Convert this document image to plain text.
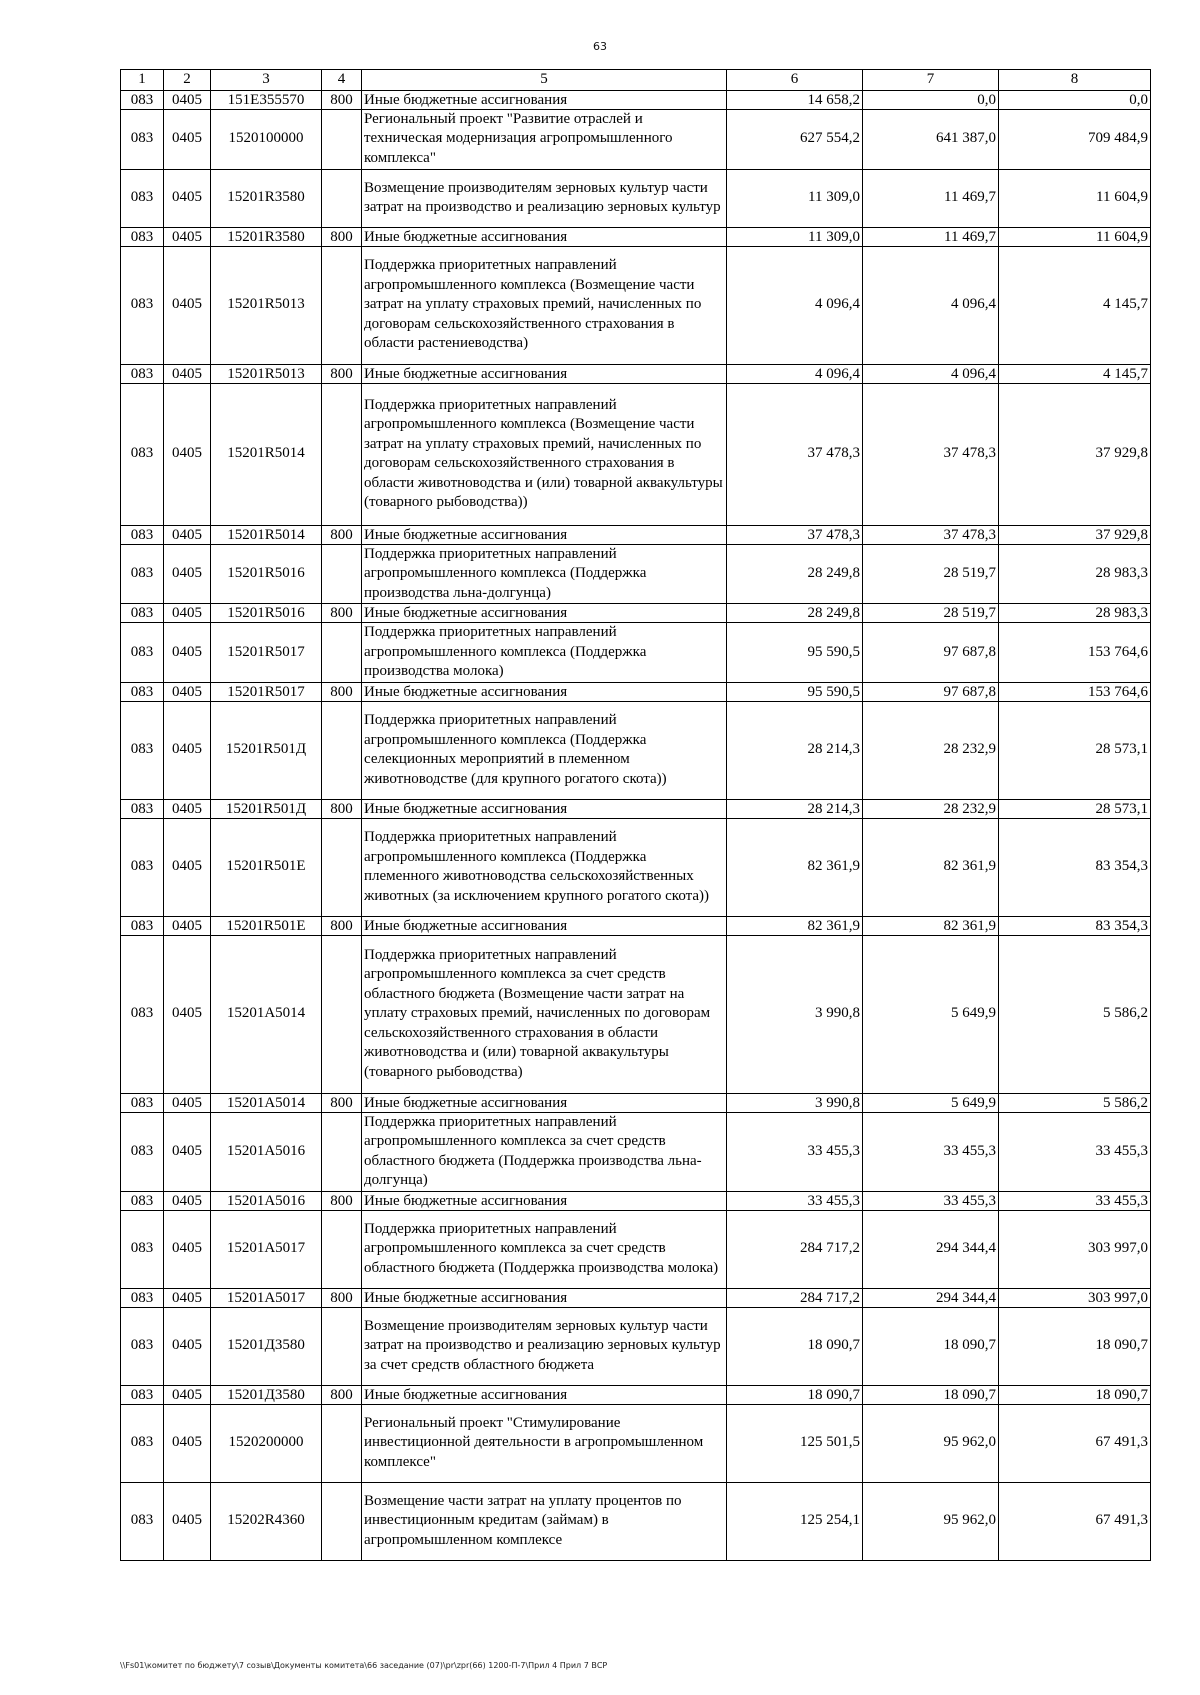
63
1	2	3	4	5	6	7	8
083	0405	151E355570	800	Иные бюджетные ассигнования	14 658,2	0,0	0,0
083	0405	1520100000		Региональный проект "Развитие отраслей и техническая модернизация агропромышленного комплекса"	627 554,2	641 387,0	709 484,9
083	0405	15201R3580		Возмещение производителям зерновых культур части затрат на производство и реализацию зерновых культур	11 309,0	11 469,7	11 604,9
083	0405	15201R3580	800	Иные бюджетные ассигнования	11 309,0	11 469,7	11 604,9
083	0405	15201R5013		Поддержка приоритетных направлений агропромышленного комплекса (Возмещение части затрат на уплату страховых премий, начисленных по договорам сельскохозяйственного страхования в области растениеводства)	4 096,4	4 096,4	4 145,7
083	0405	15201R5013	800	Иные бюджетные ассигнования	4 096,4	4 096,4	4 145,7
083	0405	15201R5014		Поддержка приоритетных направлений агропромышленного комплекса (Возмещение части затрат на уплату страховых премий, начисленных по договорам сельскохозяйственного страхования в области животноводства и (или) товарной аквакультуры (товарного рыбоводства))	37 478,3	37 478,3	37 929,8
083	0405	15201R5014	800	Иные бюджетные ассигнования	37 478,3	37 478,3	37 929,8
083	0405	15201R5016		Поддержка приоритетных направлений агропромышленного комплекса (Поддержка производства льна-долгунца)	28 249,8	28 519,7	28 983,3
083	0405	15201R5016	800	Иные бюджетные ассигнования	28 249,8	28 519,7	28 983,3
083	0405	15201R5017		Поддержка приоритетных направлений агропромышленного комплекса (Поддержка производства молока)	95 590,5	97 687,8	153 764,6
083	0405	15201R5017	800	Иные бюджетные ассигнования	95 590,5	97 687,8	153 764,6
083	0405	15201R501Д		Поддержка приоритетных направлений агропромышленного комплекса (Поддержка селекционных мероприятий в племенном животноводстве (для крупного рогатого скота))	28 214,3	28 232,9	28 573,1
083	0405	15201R501Д	800	Иные бюджетные ассигнования	28 214,3	28 232,9	28 573,1
083	0405	15201R501E		Поддержка приоритетных направлений агропромышленного комплекса (Поддержка племенного животноводства сельскохозяйственных животных (за исключением крупного рогатого скота))	82 361,9	82 361,9	83 354,3
083	0405	15201R501E	800	Иные бюджетные ассигнования	82 361,9	82 361,9	83 354,3
083	0405	15201A5014		Поддержка приоритетных направлений агропромышленного комплекса за счет средств областного бюджета (Возмещение части затрат на уплату страховых премий, начисленных по договорам сельскохозяйственного страхования в области животноводства и (или) товарной аквакультуры (товарного рыбоводства)	3 990,8	5 649,9	5 586,2
083	0405	15201A5014	800	Иные бюджетные ассигнования	3 990,8	5 649,9	5 586,2
083	0405	15201A5016		Поддержка приоритетных направлений агропромышленного комплекса за счет средств областного бюджета (Поддержка производства льна-долгунца)	33 455,3	33 455,3	33 455,3
083	0405	15201A5016	800	Иные бюджетные ассигнования	33 455,3	33 455,3	33 455,3
083	0405	15201A5017		Поддержка приоритетных направлений агропромышленного комплекса за счет средств областного бюджета (Поддержка производства молока)	284 717,2	294 344,4	303 997,0
083	0405	15201A5017	800	Иные бюджетные ассигнования	284 717,2	294 344,4	303 997,0
083	0405	15201Д3580		Возмещение производителям зерновых культур части затрат на производство и реализацию зерновых культур за счет средств областного бюджета	18 090,7	18 090,7	18 090,7
083	0405	15201Д3580	800	Иные бюджетные ассигнования	18 090,7	18 090,7	18 090,7
083	0405	1520200000		Региональный проект "Стимулирование инвестиционной деятельности в агропромышленном комплексе"	125 501,5	95 962,0	67 491,3
083	0405	15202R4360		Возмещение части затрат на уплату процентов по инвестиционным кредитам (займам) в агропромышленном комплексе	125 254,1	95 962,0	67 491,3
\\Fs01\комитет по бюджету\7 созыв\Документы комитета\66 заседание (07)\pr\zpr(66) 1200-П-7\Прил 4 Прил 7 ВСР
